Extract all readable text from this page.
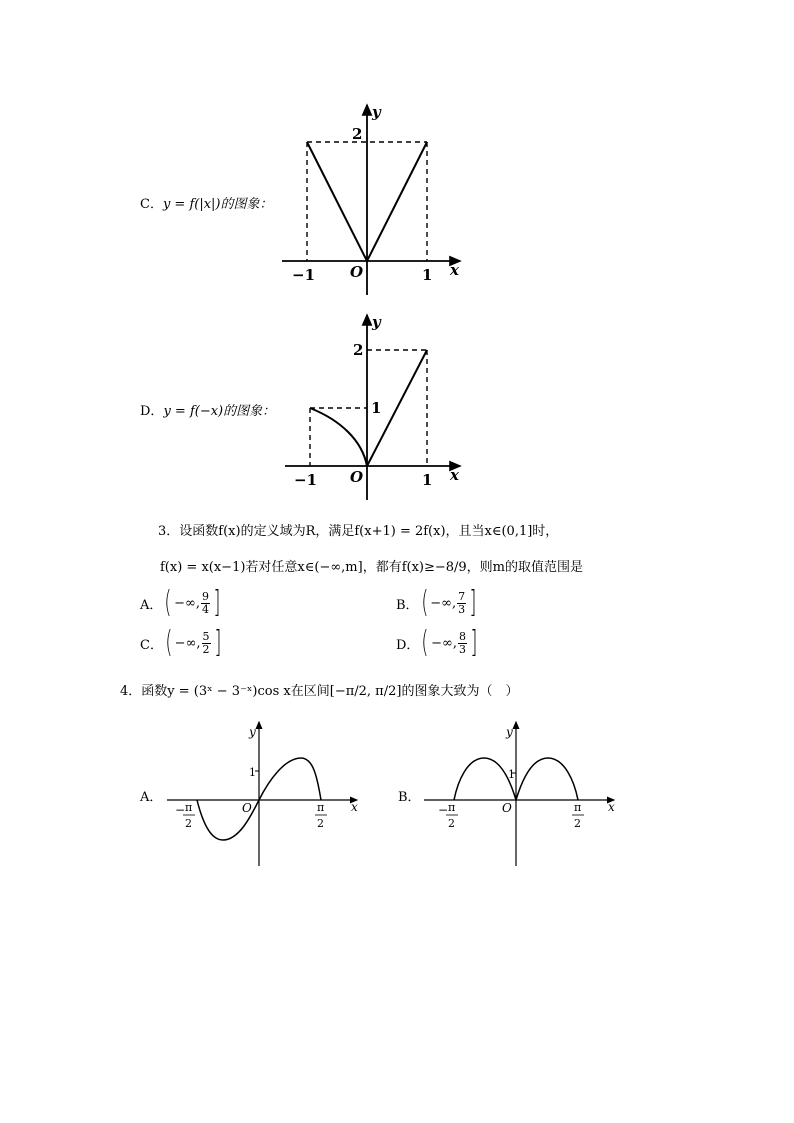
C．y = f(|x|)的图象：
−1	1
2
O	x
y
D．y = f(−x)的图象：
−1	1
2
1
O	x
y
3．设函数f(x)的定义域为R，满足f(x+1) = 2f(x)，且当x∈(0,1]时，
f(x) = x(x−1)若对任意x∈(−∞,m]，都有f(x)≥−8/9，则m的取值范围是
A． ( −∞, $\frac{9}{4}$ ]	B． ( −∞, $\frac{7}{3}$ ]
C． ( −∞, $\frac{5}{2}$ ]	D． ( −∞, $\frac{8}{3}$ ]
4．函数y = (3ˣ − 3⁻ˣ)cos x在区间[−π/2, π/2]的图象大致为（　）
A．
y
x
O
1
− π
2
π
2
B．
y
x
O
1
− π
2
π
2
